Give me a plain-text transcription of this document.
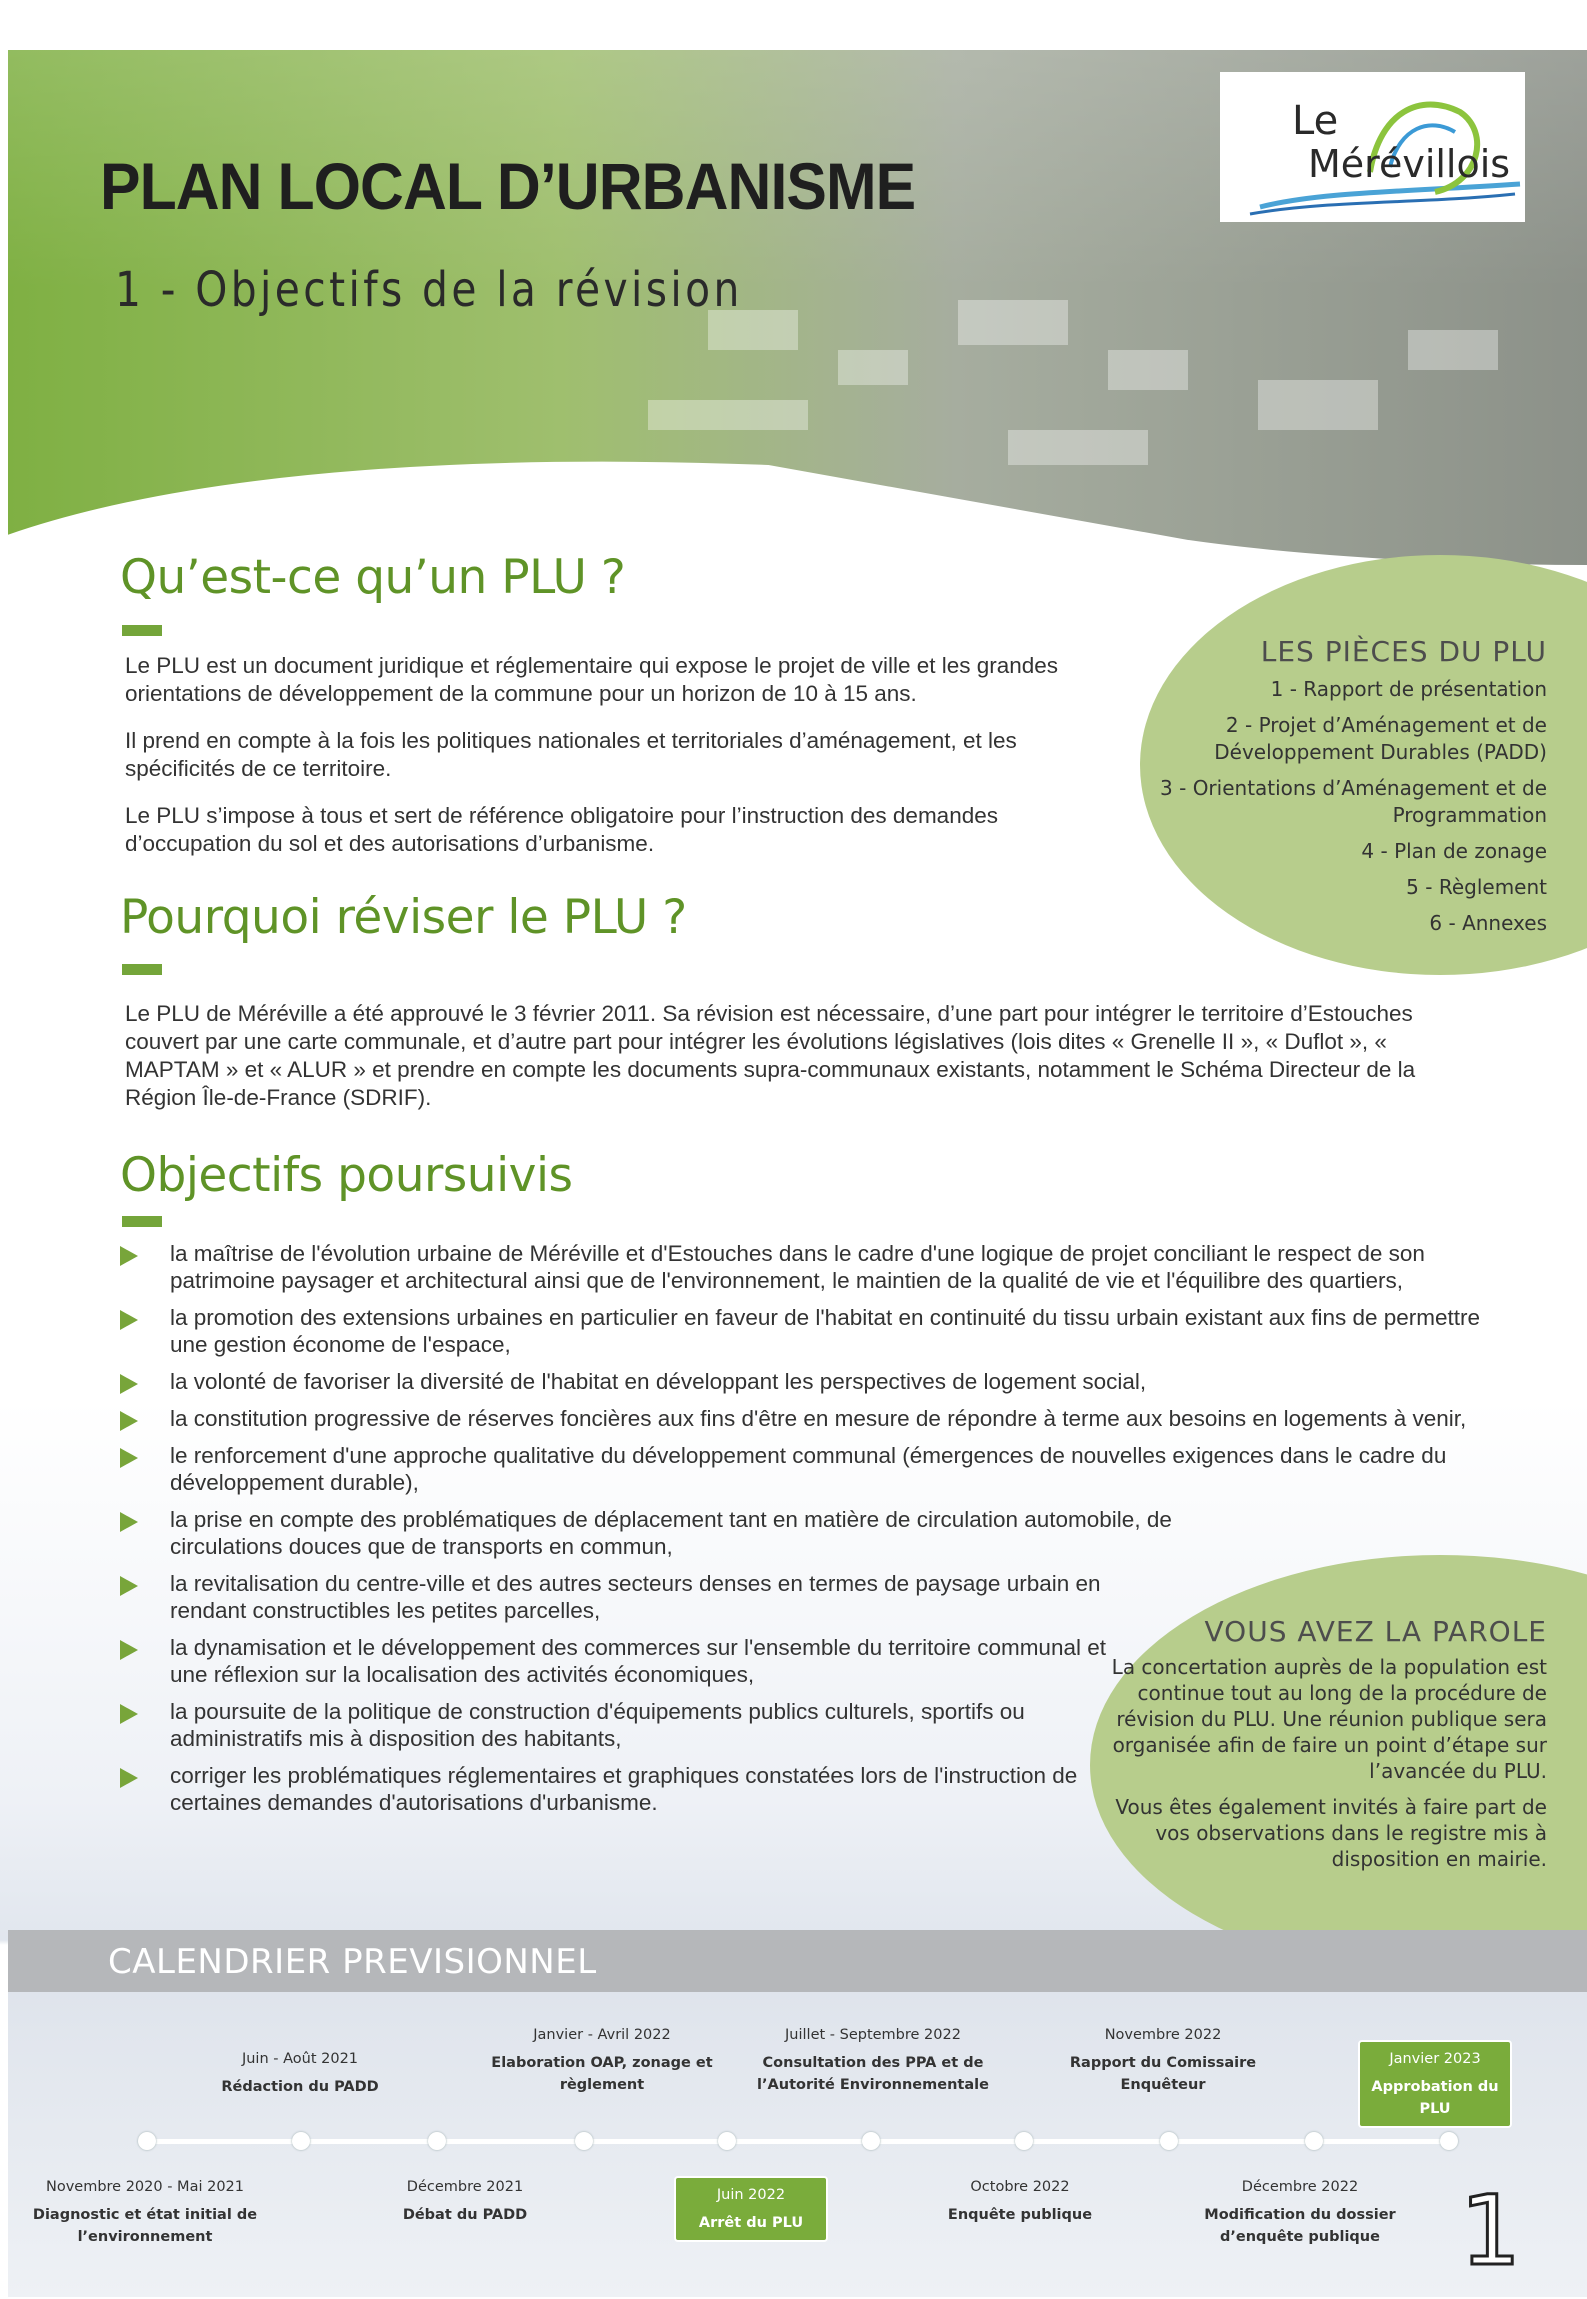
Le
Mérévillois
PLAN LOCAL D’URBANISME
1 - Objectifs de la révision
Qu’est-ce qu’un PLU ?

Le PLU est un document juridique et réglementaire qui expose le projet de ville et les grandes orientations de développement de la commune pour un horizon de 10 à 15 ans.

Il prend en compte à la fois les politiques nationales et territoriales d’aménagement, et les spécificités de ce territoire.

Le PLU s’impose à tous et sert de référence obligatoire pour l’instruction des demandes d’occupation du sol et des autorisations d’urbanisme.

LES PIÈCES DU PLU
1 - Rapport de présentation
2 - Projet d’Aménagement et de Développement Durables (PADD)
3 - Orientations d’Aménagement et de Programmation
4 - Plan de zonage
5 - Règlement
6 - Annexes
Pourquoi réviser le PLU ?

Le PLU de Méréville a été approuvé le 3 février 2011. Sa révision est nécessaire, d’une part pour intégrer le territoire d’Estouches couvert par une carte communale, et d’autre part pour intégrer les évolutions législatives (lois dites « Grenelle II », « Duflot », « MAPTAM » et « ALUR » et prendre en compte les documents supra-communaux existants, notamment le Schéma Directeur de la Région Île-de-France (SDRIF).

Objectifs poursuivis
la maîtrise de l'évolution urbaine de Méréville et d'Estouches dans le cadre d'une logique de projet conciliant le respect de son patrimoine paysager et architectural ainsi que de l'environnement, le maintien de la qualité de vie et l'équilibre des quartiers,
la promotion des extensions urbaines en particulier en faveur de l'habitat en continuité du tissu urbain existant aux fins de permettre une gestion économe de l'espace,
la volonté de favoriser la diversité de l'habitat en développant les perspectives de logement social,
la constitution progressive de réserves foncières aux fins d'être en mesure de répondre à terme aux besoins en logements à venir,
le renforcement d'une approche qualitative du développement communal (émergences de nouvelles exigences dans le cadre du développement durable),
la prise en compte des problématiques de déplacement tant en matière de circulation automobile, de circulations douces que de transports en commun,
la revitalisation du centre-ville et des autres secteurs denses en termes de paysage urbain en rendant constructibles les petites parcelles,
la dynamisation et le développement des commerces sur l'ensemble du territoire communal et une réflexion sur la localisation des activités économiques,
la poursuite de la politique de construction d'équipements publics culturels, sportifs ou administratifs mis à disposition des habitants,
corriger les problématiques réglementaires et graphiques constatées lors de l'instruction de certaines demandes d'autorisations d'urbanisme.
VOUS AVEZ LA PAROLE

La concertation auprès de la population est continue tout au long de la procédure de révision du PLU. Une réunion publique sera organisée afin de faire un point d’étape sur l’avancée du PLU.

Vous êtes également invités à faire part de vos observations dans le registre mis à disposition en mairie.

CALENDRIER PREVISIONNEL
Juin - Août 2021
Rédaction du PADD
Janvier - Avril 2022
Elaboration OAP, zonage et règlement
Juillet - Septembre 2022
Consultation des PPA et de l’Autorité Environnementale
Novembre 2022
Rapport du Comissaire Enquêteur
Janvier 2023
Approbation du PLU
Novembre 2020 - Mai 2021
Diagnostic et état initial de l’environnement
Décembre 2021
Débat du PADD
Juin 2022
Arrêt du PLU
Octobre 2022
Enquête publique
Décembre 2022
Modification du dossier d’enquête publique 1
